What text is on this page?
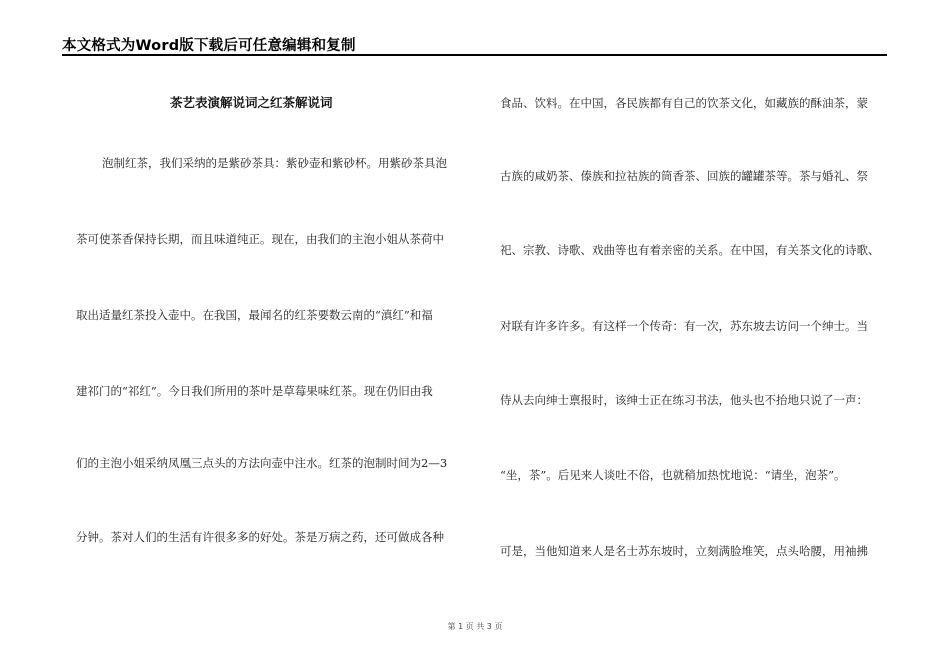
本文格式为Word版下载后可任意编辑和复制
茶艺表演解说词之红茶解说词
泡制红茶，我们采纳的是紫砂茶具：紫砂壶和紫砂杯。用紫砂茶具泡
茶可使茶香保持长期，而且味道纯正。现在，由我们的主泡小姐从茶荷中
取出适量红茶投入壶中。在我国，最闻名的红茶要数云南的“滇红”和福
建祁门的“祁红”。今日我们所用的茶叶是草莓果味红茶。现在仍旧由我
们的主泡小姐采纳凤凰三点头的方法向壶中注水。红茶的泡制时间为2—3
分钟。茶对人们的生活有许很多多的好处。茶是万病之药，还可做成各种
食品、饮料。在中国，各民族都有自己的饮茶文化，如藏族的酥油茶，蒙
古族的咸奶茶、傣族和拉祜族的筒香茶、回族的罐罐茶等。茶与婚礼、祭
祀、宗教、诗歌、戏曲等也有着亲密的关系。在中国，有关茶文化的诗歌、
对联有许多许多。有这样一个传奇：有一次，苏东坡去访问一个绅士。当
侍从去向绅士禀报时，该绅士正在练习书法，他头也不抬地只说了一声：
“坐，茶”。后见来人谈吐不俗，也就稍加热忱地说：“请坐，泡茶”。
可是，当他知道来人是名士苏东坡时，立刻满脸堆笑，点头哈腰，用袖拂
第 1 页 共 3 页
